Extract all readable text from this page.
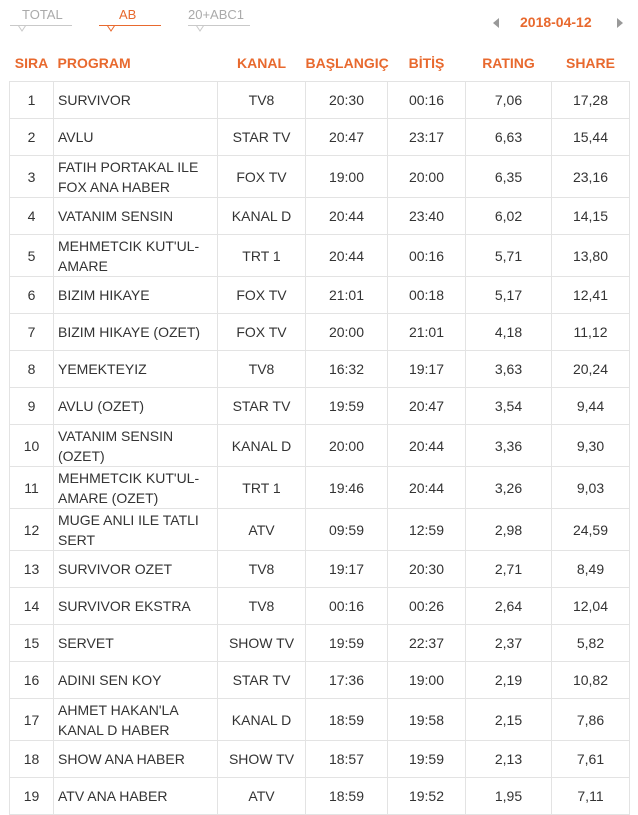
TOTAL	AB	20+ABC1	2018-04-12
SIRA	PROGRAM	KANAL	BAŞLANGIÇ	BİTİŞ	RATING	SHARE
1	SURVIVOR	TV8	20:30	00:16	7,06	17,28
2	AVLU	STAR TV	20:47	23:17	6,63	15,44
3	FATIH PORTAKAL ILE FOX ANA HABER	FOX TV	19:00	20:00	6,35	23,16
4	VATANIM SENSIN	KANAL D	20:44	23:40	6,02	14,15
5	MEHMETCIK KUT'UL-AMARE	TRT 1	20:44	00:16	5,71	13,80
6	BIZIM HIKAYE	FOX TV	21:01	00:18	5,17	12,41
7	BIZIM HIKAYE (OZET)	FOX TV	20:00	21:01	4,18	11,12
8	YEMEKTEYIZ	TV8	16:32	19:17	3,63	20,24
9	AVLU (OZET)	STAR TV	19:59	20:47	3,54	9,44
10	VATANIM SENSIN (OZET)	KANAL D	20:00	20:44	3,36	9,30
11	MEHMETCIK KUT'UL-AMARE (OZET)	TRT 1	19:46	20:44	3,26	9,03
12	MUGE ANLI ILE TATLI SERT	ATV	09:59	12:59	2,98	24,59
13	SURVIVOR OZET	TV8	19:17	20:30	2,71	8,49
14	SURVIVOR EKSTRA	TV8	00:16	00:26	2,64	12,04
15	SERVET	SHOW TV	19:59	22:37	2,37	5,82
16	ADINI SEN KOY	STAR TV	17:36	19:00	2,19	10,82
17	AHMET HAKAN'LA KANAL D HABER	KANAL D	18:59	19:58	2,15	7,86
18	SHOW ANA HABER	SHOW TV	18:57	19:59	2,13	7,61
19	ATV ANA HABER	ATV	18:59	19:52	1,95	7,11
